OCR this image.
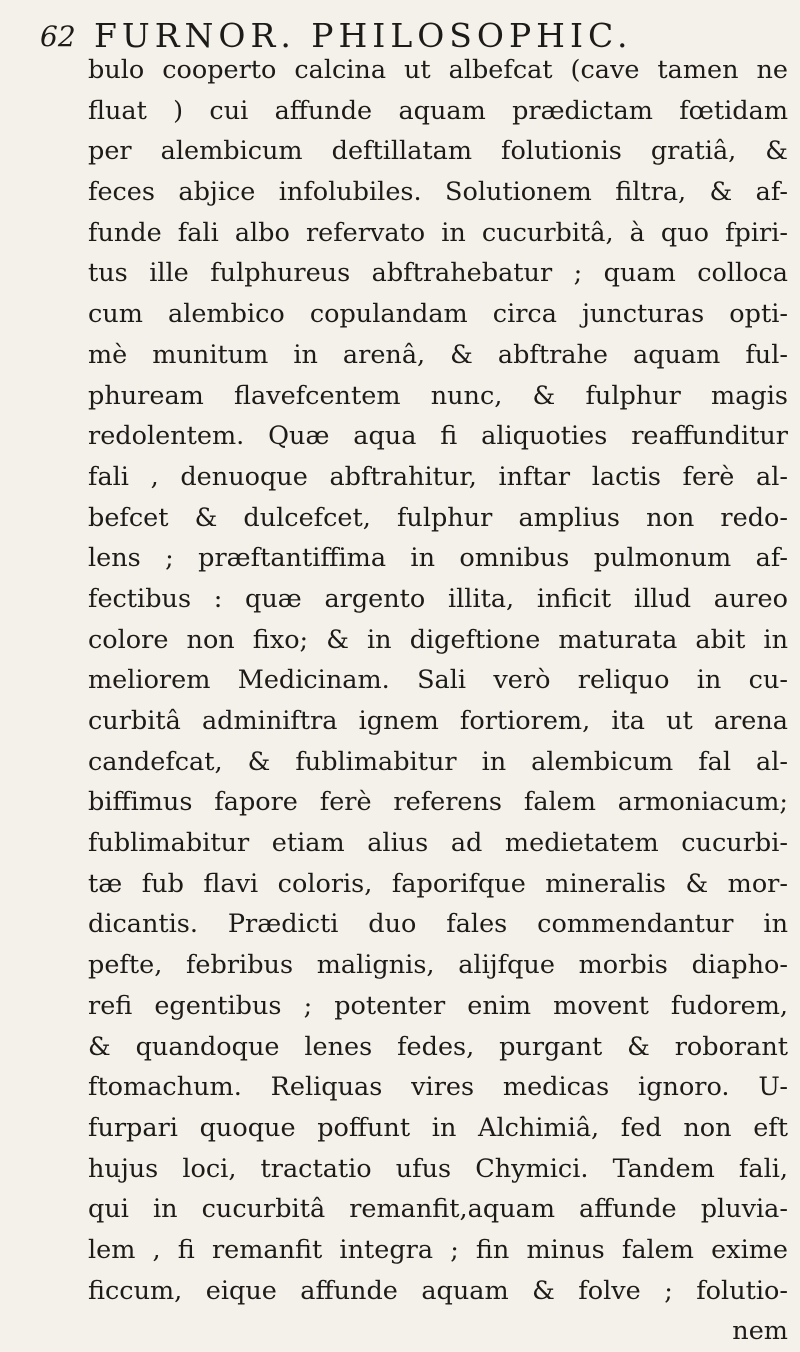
62 FURNOR. PHILOSOPHIC.
bulo cooperto calcina ut albefcat (cave tamen ne
fluat ) cui affunde aquam prædictam fœtidam
per alembicum deftillatam folutionis gratiâ, &
feces abjice infolubiles. Solutionem filtra, & af-
funde fali albo refervato in cucurbitâ, à quo fpiri-
tus ille fulphureus abftrahebatur ; quam colloca
cum alembico copulandam circa juncturas opti-
mè munitum in arenâ, & abftrahe aquam ful-
phuream flavefcentem nunc, & fulphur magis
redolentem. Quæ aqua fi aliquoties reaffunditur
fali , denuoque abftrahitur, inftar lactis ferè al-
befcet & dulcefcet, fulphur amplius non redo-
lens ; præftantiffima in omnibus pulmonum af-
fectibus : quæ argento illita, inficit illud aureo
colore non fixo; & in digeftione maturata abit in
meliorem Medicinam. Sali verò reliquo in cu-
curbitâ adminiftra ignem fortiorem, ita ut arena
candefcat, & fublimabitur in alembicum fal al-
biffimus fapore ferè referens falem armoniacum;
fublimabitur etiam alius ad medietatem cucurbi-
tæ fub flavi coloris, faporifque mineralis & mor-
dicantis. Prædicti duo fales commendantur in
pefte, febribus malignis, alijfque morbis diapho-
refi egentibus ; potenter enim movent fudorem,
& quandoque lenes fedes, purgant & roborant
ftomachum. Reliquas vires medicas ignoro. U-
furpari quoque poffunt in Alchimiâ, fed non eft
hujus loci, tractatio ufus Chymici. Tandem fali,
qui in cucurbitâ remanfit,aquam affunde pluvia-
lem , fi remanfit integra ; fin minus falem exime
ficcum, eique affunde aquam & folve ; folutio-
nem
